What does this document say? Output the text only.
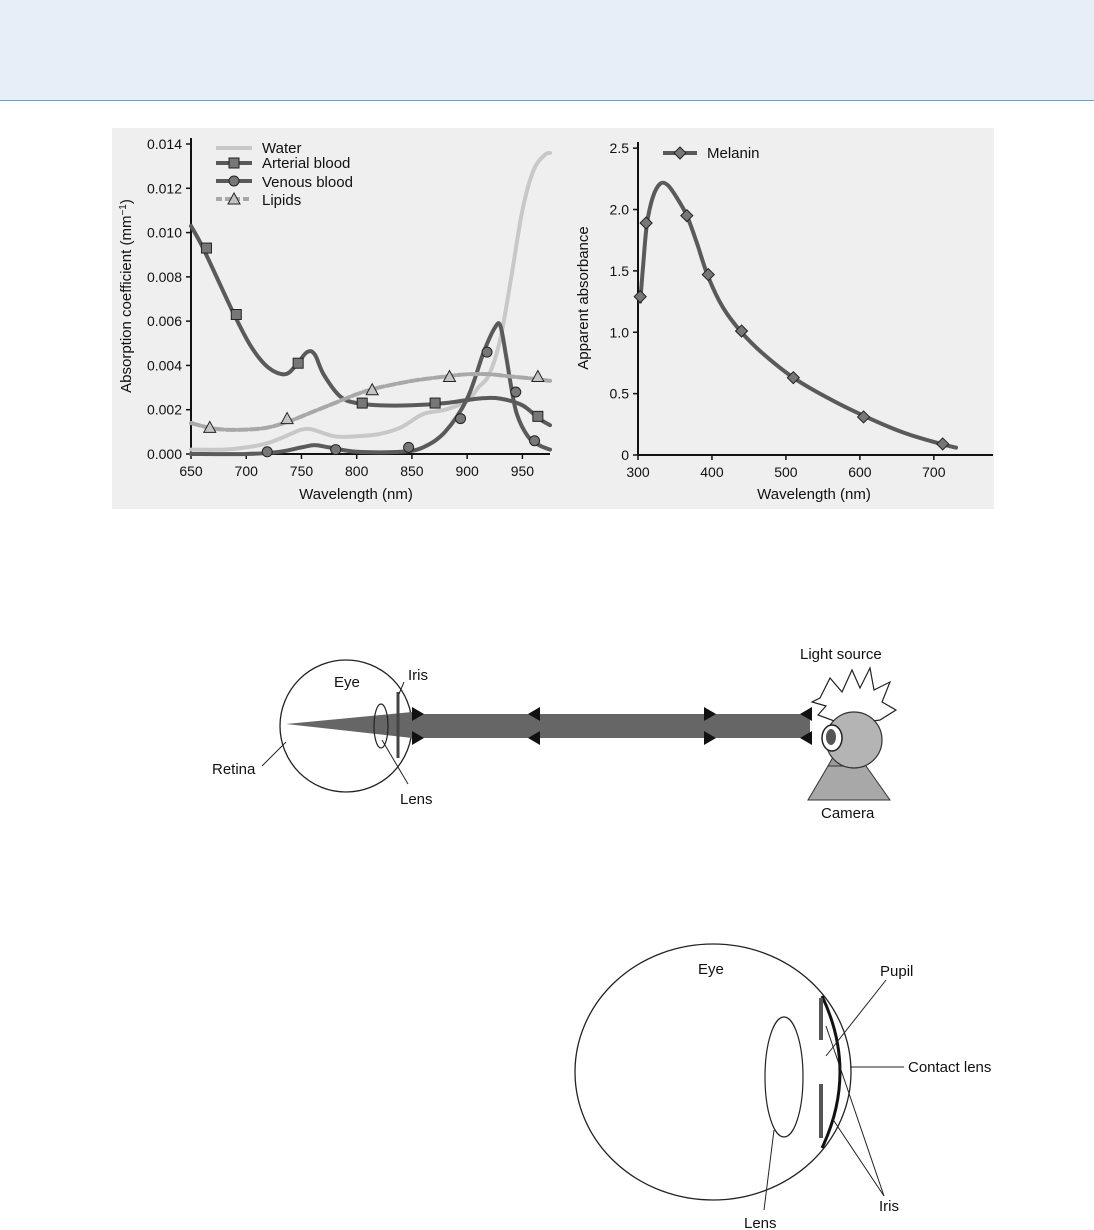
650 700 750 800 850 900 950
0.000
0.002
0.004
0.006
0.008
0.010
0.012
0.014
Wavelength (nm)
Absorption coefficient $(mm^{-1})$
Water
Arterial blood
Venous blood
Lipids
300	400	500	600	700
0
0.5
1.0
1.5
2.0
2.5
Wavelength (nm)
Apparent absorbance
Melanin
Eye	Iris
Retina
Lens
Light source
Camera
Eye	Pupil
Contact lens
Iris
Lens
